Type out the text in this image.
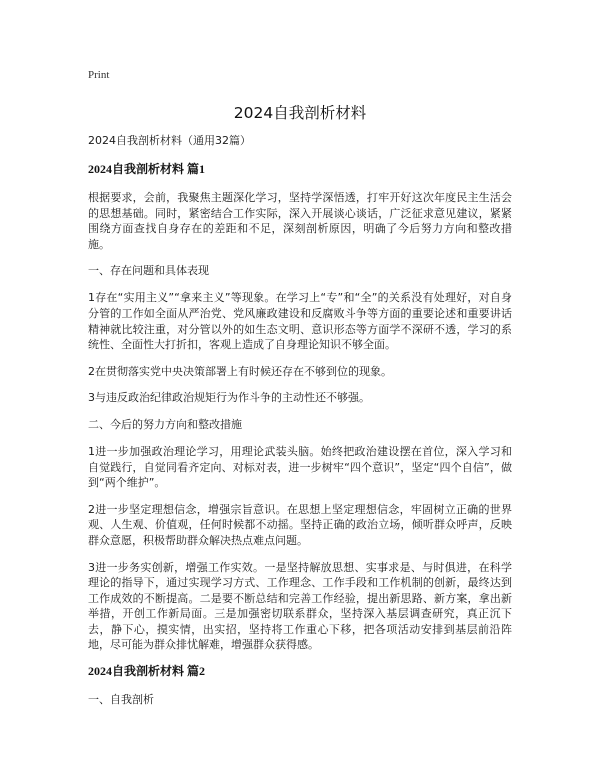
Print
2024自我剖析材料
2024自我剖析材料（通用32篇）
2024自我剖析材料 篇1

根据要求，会前，我聚焦主题深化学习，坚持学深悟透，打牢开好这次年度民主生活会的思想基础。同时，紧密结合工作实际，深入开展谈心谈话，广泛征求意见建议，紧紧围绕方面查找自身存在的差距和不足，深刻剖析原因，明确了今后努力方向和整改措施。

一、存在问题和具体表现

1存在“实用主义”“拿来主义”等现象。在学习上“专”和“全”的关系没有处理好，对自身分管的工作如全面从严治党、党风廉政建设和反腐败斗争等方面的重要论述和重要讲话精神就比较注重，对分管以外的如生态文明、意识形态等方面学不深研不透，学习的系统性、全面性大打折扣，客观上造成了自身理论知识不够全面。

2在贯彻落实党中央决策部署上有时候还存在不够到位的现象。

3与违反政治纪律政治规矩行为作斗争的主动性还不够强。

二、今后的努力方向和整改措施

1进一步加强政治理论学习，用理论武装头脑。始终把政治建设摆在首位，深入学习和自觉践行，自觉同看齐定向、对标对表，进一步树牢“四个意识”，坚定“四个自信”，做到“两个维护”。

2进一步坚定理想信念，增强宗旨意识。在思想上坚定理想信念，牢固树立正确的世界观、人生观、价值观，任何时候都不动摇。坚持正确的政治立场，倾听群众呼声，反映群众意愿，积极帮助群众解决热点难点问题。

3进一步务实创新，增强工作实效。一是坚持解放思想、实事求是、与时俱进，在科学理论的指导下，通过实现学习方式、工作理念、工作手段和工作机制的创新，最终达到工作成效的不断提高。二是要不断总结和完善工作经验，提出新思路、新方案，拿出新举措，开创工作新局面。三是加强密切联系群众，坚持深入基层调查研究，真正沉下去，静下心，摸实情，出实招，坚持将工作重心下移，把各项活动安排到基层前沿阵地，尽可能为群众排忧解难，增强群众获得感。

2024自我剖析材料 篇2
一、自我剖析
